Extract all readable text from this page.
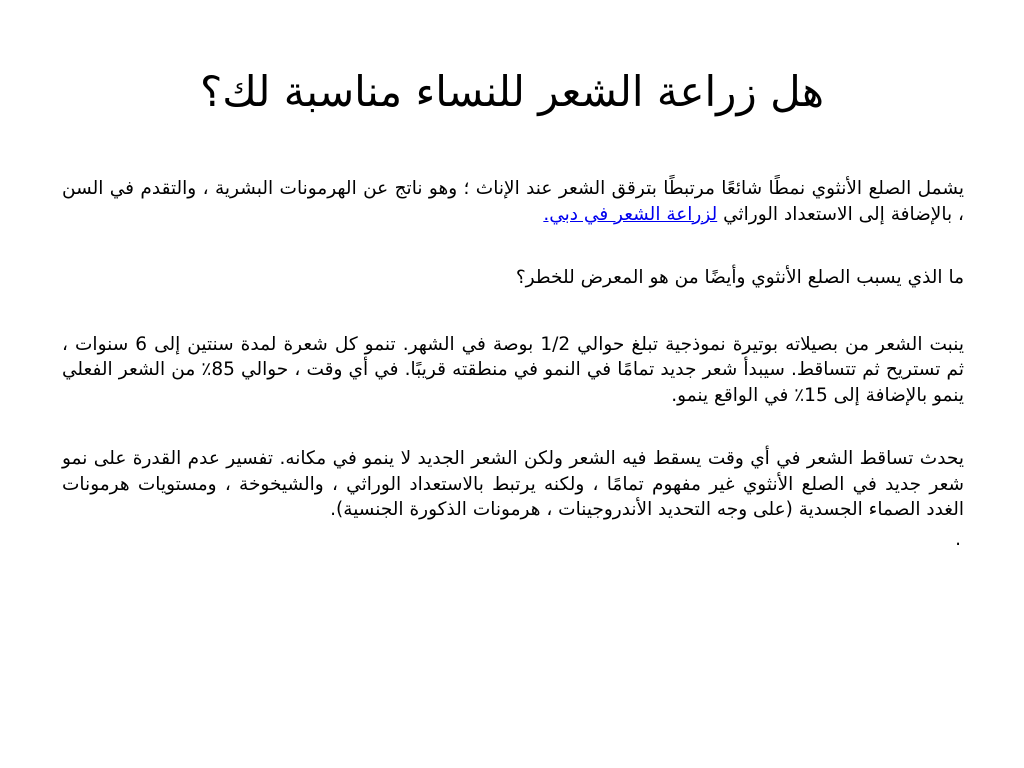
هل زراعة الشعر للنساء مناسبة لك؟

يشمل الصلع الأنثوي نمطًا شائعًا مرتبطًا بترقق الشعر عند الإناث ؛ وهو ناتج عن الهرمونات البشرية ، والتقدم في السن ، بالإضافة إلى الاستعداد الوراثي لزراعة الشعر في دبي.

ما الذي يسبب الصلع الأنثوي وأيضًا من هو المعرض للخطر؟

ينبت الشعر من بصيلاته بوتيرة نموذجية تبلغ حوالي 1/2 بوصة في الشهر. تنمو كل شعرة لمدة سنتين إلى 6 سنوات ، ثم تستريح ثم تتساقط. سيبدأ شعر جديد تمامًا في النمو في منطقته قريبًا. في أي وقت ، حوالي 85٪ من الشعر الفعلي ينمو بالإضافة إلى 15٪ في الواقع ينمو.

يحدث تساقط الشعر في أي وقت يسقط فيه الشعر ولكن الشعر الجديد لا ينمو في مكانه. تفسير عدم القدرة على نمو شعر جديد في الصلع الأنثوي غير مفهوم تمامًا ، ولكنه يرتبط بالاستعداد الوراثي ، والشيخوخة ، ومستويات هرمونات الغدد الصماء الجسدية (على وجه التحديد الأندروجينات ، هرمونات الذكورة الجنسية).

.
